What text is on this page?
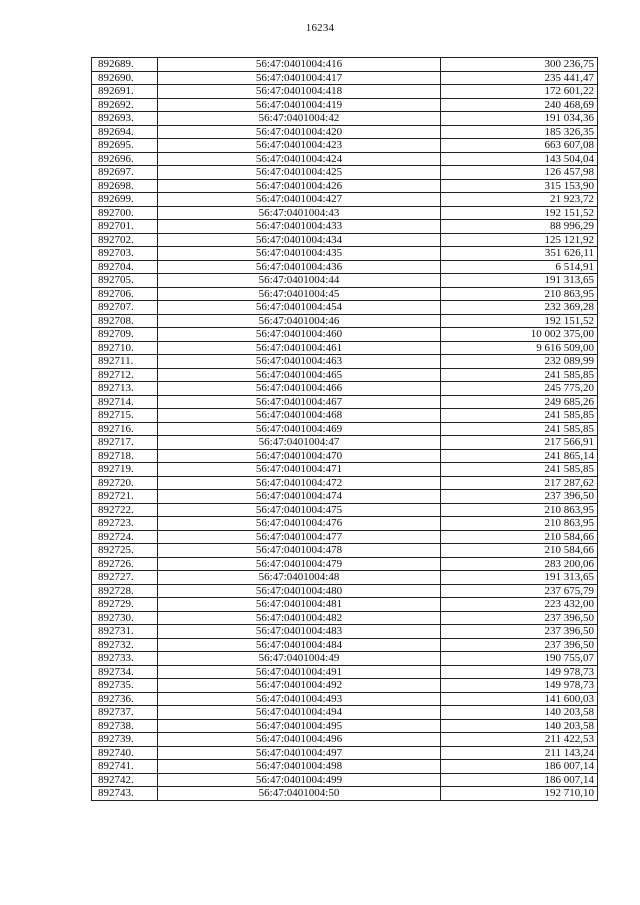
16234
892689.	56:47:0401004:416	300 236,75
892690.	56:47:0401004:417	235 441,47
892691.	56:47:0401004:418	172 601,22
892692.	56:47:0401004:419	240 468,69
892693.	56:47:0401004:42	191 034,36
892694.	56:47:0401004:420	185 326,35
892695.	56:47:0401004:423	663 607,08
892696.	56:47:0401004:424	143 504,04
892697.	56:47:0401004:425	126 457,98
892698.	56:47:0401004:426	315 153,90
892699.	56:47:0401004:427	21 923,72
892700.	56:47:0401004:43	192 151,52
892701.	56:47:0401004:433	88 996,29
892702.	56:47:0401004:434	125 121,92
892703.	56:47:0401004:435	351 626,11
892704.	56:47:0401004:436	6 514,91
892705.	56:47:0401004:44	191 313,65
892706.	56:47:0401004:45	210 863,95
892707.	56:47:0401004:454	232 369,28
892708.	56:47:0401004:46	192 151,52
892709.	56:47:0401004:460	10 002 375,00
892710.	56:47:0401004:461	9 616 509,00
892711.	56:47:0401004:463	232 089,99
892712.	56:47:0401004:465	241 585,85
892713.	56:47:0401004:466	245 775,20
892714.	56:47:0401004:467	249 685,26
892715.	56:47:0401004:468	241 585,85
892716.	56:47:0401004:469	241 585,85
892717.	56:47:0401004:47	217 566,91
892718.	56:47:0401004:470	241 865,14
892719.	56:47:0401004:471	241 585,85
892720.	56:47:0401004:472	217 287,62
892721.	56:47:0401004:474	237 396,50
892722.	56:47:0401004:475	210 863,95
892723.	56:47:0401004:476	210 863,95
892724.	56:47:0401004:477	210 584,66
892725.	56:47:0401004:478	210 584,66
892726.	56:47:0401004:479	283 200,06
892727.	56:47:0401004:48	191 313,65
892728.	56:47:0401004:480	237 675,79
892729.	56:47:0401004:481	223 432,00
892730.	56:47:0401004:482	237 396,50
892731.	56:47:0401004:483	237 396,50
892732.	56:47:0401004:484	237 396,50
892733.	56:47:0401004:49	190 755,07
892734.	56:47:0401004:491	149 978,73
892735.	56:47:0401004:492	149 978,73
892736.	56:47:0401004:493	141 600,03
892737.	56:47:0401004:494	140 203,58
892738.	56:47:0401004:495	140 203,58
892739.	56:47:0401004:496	211 422,53
892740.	56:47:0401004:497	211 143,24
892741.	56:47:0401004:498	186 007,14
892742.	56:47:0401004:499	186 007,14
892743.	56:47:0401004:50	192 710,10
